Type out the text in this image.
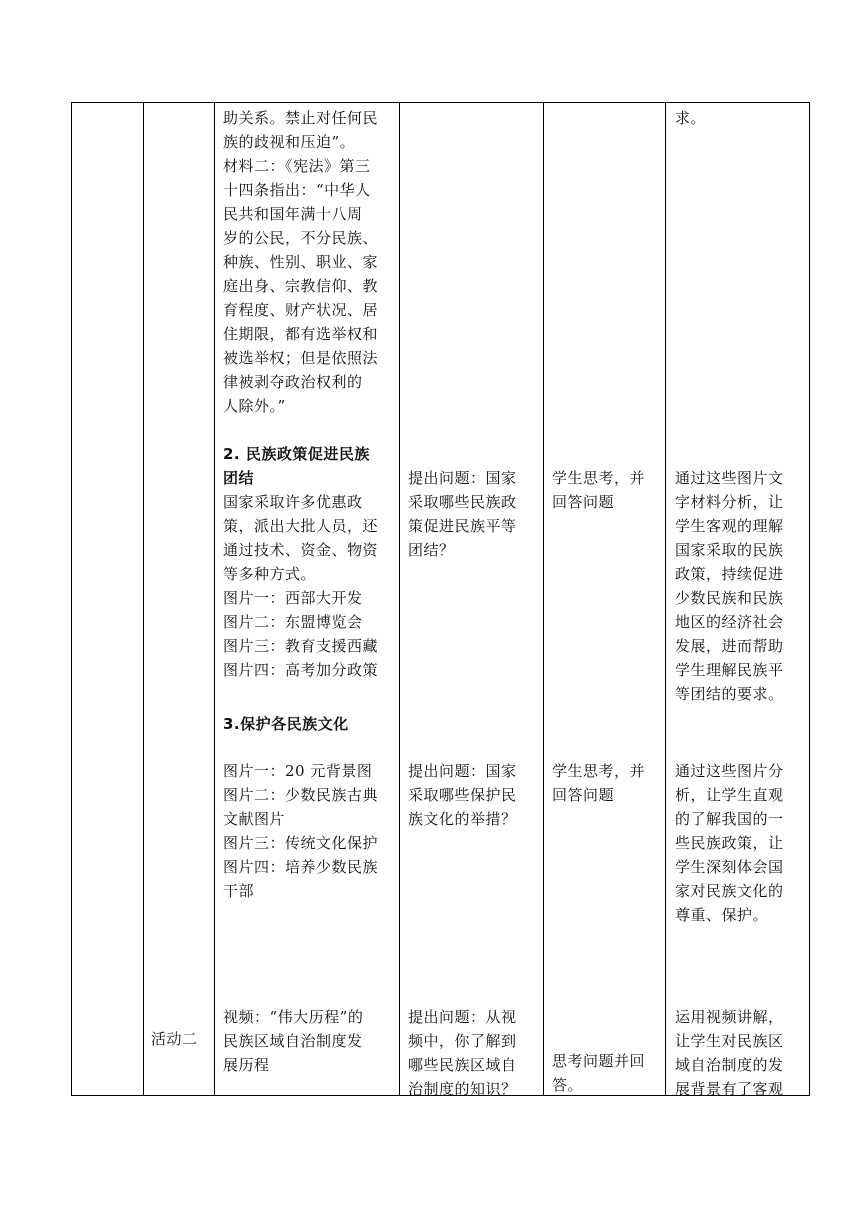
助关系。禁止对任何民

族的歧视和压迫”。

材料二：《宪法》第三

十四条指出：“中华人

民共和国年满十八周

岁的公民，不分民族、

种族、性别、职业、家

庭出身、宗教信仰、教

育程度、财产状况、居

住期限，都有选举权和

被选举权；但是依照法

律被剥夺政治权利的

人除外。”

求。

2. 民族政策促进民族

团结

国家采取许多优惠政

策，派出大批人员，还

通过技术、资金、物资

等多种方式。

图片一：西部大开发

图片二：东盟博览会

图片三：教育支援西藏

图片四：高考加分政策

提出问题：国家

采取哪些民族政

策促进民族平等

团结？

学生思考，并

回答问题

通过这些图片文

字材料分析，让

学生客观的理解

国家采取的民族

政策，持续促进

少数民族和民族

地区的经济社会

发展，进而帮助

学生理解民族平

等团结的要求。

3.保护各民族文化

图片一：20 元背景图

图片二：少数民族古典

文献图片

图片三：传统文化保护

图片四：培养少数民族

干部

提出问题：国家

采取哪些保护民

族文化的举措？

学生思考，并

回答问题

通过这些图片分

析，让学生直观

的了解我国的一

些民族政策，让

学生深刻体会国

家对民族文化的

尊重、保护。

活动二

视频：“伟大历程”的

民族区域自治制度发

展历程

提出问题：从视

频中，你了解到

哪些民族区域自

治制度的知识？

思考问题并回

答。

运用视频讲解，

让学生对民族区

域自治制度的发

展背景有了客观
